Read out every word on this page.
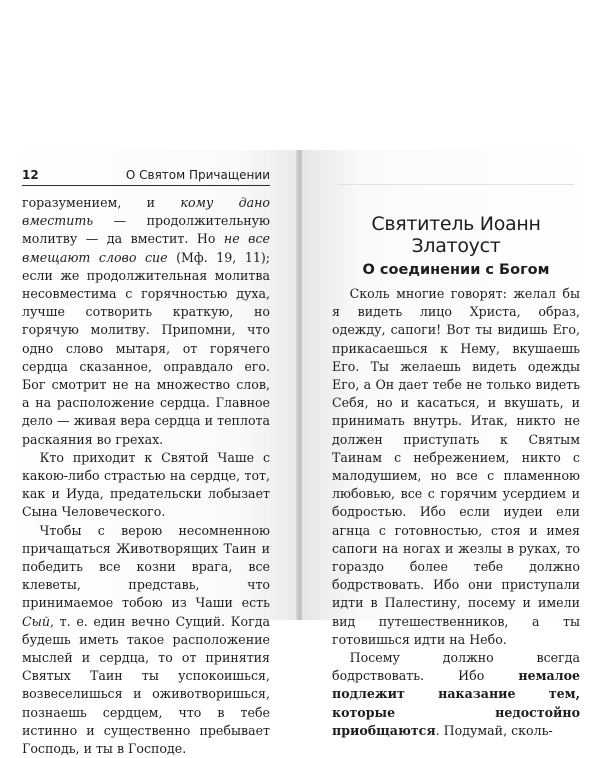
12	О Святом Причащении

горазумением, и кому дано вместить — продолжительную молитву — да вместит. Но не все вмещают слово сие (Мф. 19, 11); если же продолжительная молитва несовместима с горячностью духа, лучше сотворить краткую, но горячую молитву. Припомни, что одно слово мытаря, от горячего сердца сказанное, оправдало его. Бог смотрит не на множество слов, а на расположение сердца. Главное дело — живая вера сердца и теплота раскаяния во грехах.

Кто приходит к Святой Чаше с какою-либо страстью на сердце, тот, как и Иуда, предательски лобызает Сына Человеческого.

Чтобы с верою несомненною причащаться Животворящих Таин и победить все козни врага, все клеветы, представь, что принимаемое тобою из Чаши есть Сый, т. е. един вечно Сущий. Когда будешь иметь такое расположение мыслей и сердца, то от принятия Святых Таин ты успокоишься, возвеселишься и оживотворишься, познаешь сердцем, что в тебе истинно и существенно пребывает Господь, и ты в Господе.

Святитель Иоанн Златоуст
О соединении с Богом

Сколь многие говорят: желал бы я видеть лицо Христа, образ, одежду, сапоги! Вот ты видишь Его, прикасаешься к Нему, вкушаешь Его. Ты желаешь видеть одежды Его, а Он дает тебе не только видеть Себя, но и касаться, и вкушать, и принимать внутрь. Итак, никто не должен приступать к Святым Таинам с небрежением, никто с малодушием, но все с пламенною любовью, все с горячим усердием и бодростью. Ибо если иудеи ели агнца с готовностью, стоя и имея сапоги на ногах и жезлы в руках, то гораздо более тебе должно бодрствовать. Ибо они приступали идти в Палестину, посему и имели вид путешественников, а ты готовишься идти на Небо.

Посему должно всегда бодрствовать. Ибо немалое подлежит наказание тем, которые недостойно приобщаются. Подумай, сколь-
